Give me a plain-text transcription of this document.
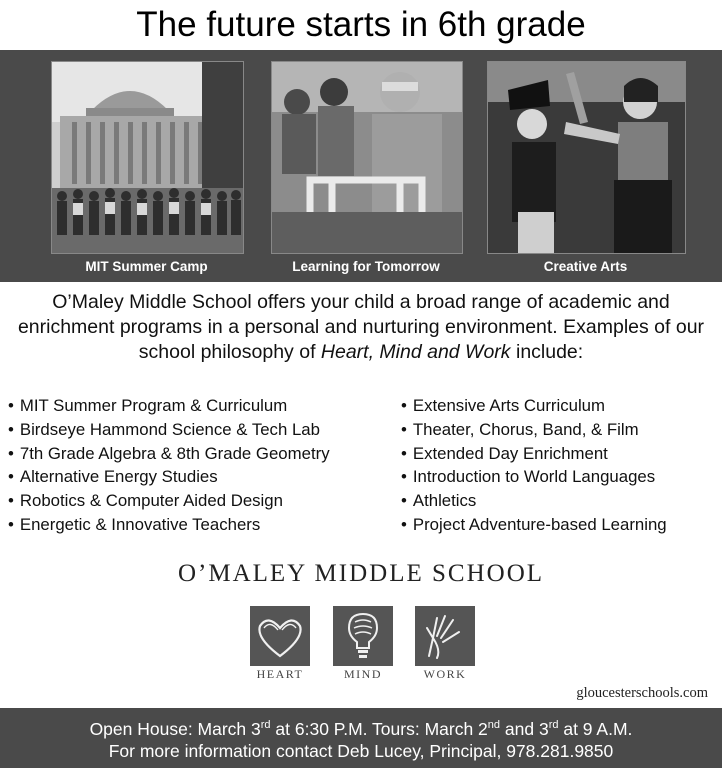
The future starts in 6th grade
MIT Summer Camp	Learning for Tomorrow	Creative Arts
O’Maley Middle School offers your child a broad range of academic and enrichment programs in a personal and nurturing environment. Examples of our school philosophy of Heart, Mind and Work include:
• MIT Summer Program & Curriculum
• Birdseye Hammond Science & Tech Lab
• 7th Grade Algebra & 8th Grade Geometry
• Alternative Energy Studies
• Robotics & Computer Aided Design
• Energetic & Innovative Teachers
• Extensive Arts Curriculum
• Theater, Chorus, Band, & Film
• Extended Day Enrichment
• Introduction to World Languages
• Athletics
• Project Adventure-based Learning
O’MALEY MIDDLE SCHOOL
HEART	MIND	WORK
gloucesterschools.com
Open House: March 3rd at 6:30 P.M. Tours: March 2nd and 3rd at 9 A.M.
For more information contact Deb Lucey, Principal, 978.281.9850
